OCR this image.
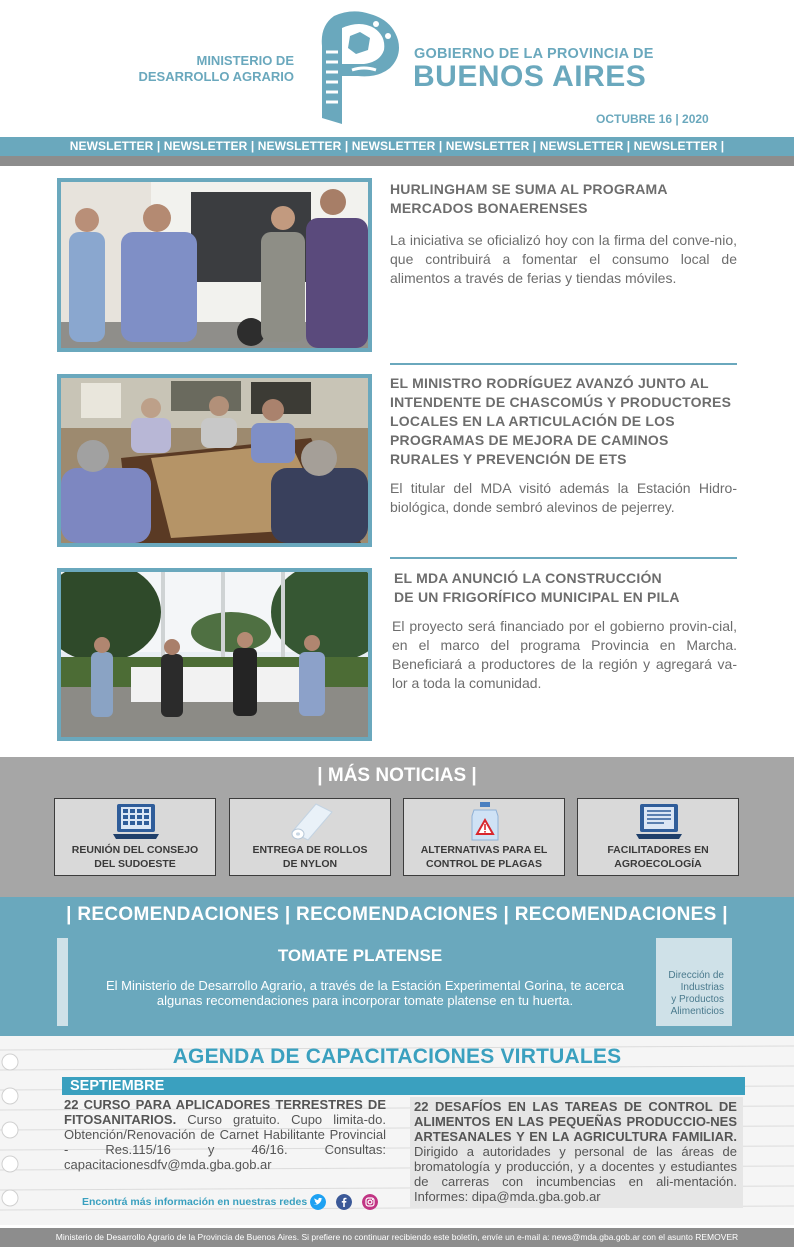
MINISTERIO DE
DESARROLLO AGRARIO
GOBIERNO DE LA PROVINCIA DE
BUENOS AIRES
OCTUBRE 16 | 2020
NEWSLETTER | NEWSLETTER | NEWSLETTER | NEWSLETTER | NEWSLETTER | NEWSLETTER | NEWSLETTER |
HURLINGHAM SE SUMA AL PROGRAMA
MERCADOS BONAERENSES
La iniciativa se oficializó hoy con la firma del conve-nio, que contribuirá a fomentar el consumo local de alimentos a través de ferias y tiendas móviles.
EL MINISTRO RODRÍGUEZ AVANZÓ JUNTO AL
INTENDENTE DE CHASCOMÚS Y PRODUCTORES
LOCALES EN LA ARTICULACIÓN DE LOS
PROGRAMAS DE MEJORA DE CAMINOS
RURALES Y PREVENCIÓN DE ETS
El titular del MDA visitó además la Estación Hidro-biológica, donde sembró alevinos de pejerrey.
EL MDA ANUNCIÓ LA CONSTRUCCIÓN
DE UN FRIGORÍFICO MUNICIPAL EN PILA
El proyecto será financiado por el gobierno provin-cial, en el marco del programa Provincia en Marcha. Beneficiará a productores de la región y agregará va-lor a toda la comunidad.
| MÁS NOTICIAS |
REUNIÓN DEL CONSEJO
DEL SUDOESTE
ENTREGA DE ROLLOS
DE NYLON
ALTERNATIVAS PARA EL
CONTROL DE PLAGAS
FACILITADORES EN
AGROECOLOGÍA
| RECOMENDACIONES | RECOMENDACIONES | RECOMENDACIONES |
TOMATE PLATENSE
El Ministerio de Desarrollo Agrario, a través de la Estación Experimental Gorina, te acerca
algunas recomendaciones para incorporar tomate platense en tu huerta.
Dirección de
Industrias
y Productos
Alimenticios
AGENDA DE CAPACITACIONES VIRTUALES
SEPTIEMBRE
22 CURSO PARA APLICADORES TERRESTRES DE FITOSANITARIOS. Curso gratuito. Cupo limita-do. Obtención/Renovación de Carnet Habilitante Provincial - Res.115/16 y 46/16. Consultas: capacitacionesdfv@mda.gba.gob.ar
22 DESAFÍOS EN LAS TAREAS DE CONTROL DE ALIMENTOS EN LAS PEQUEÑAS PRODUCCIO-NES ARTESANALES Y EN LA AGRICULTURA FAMILIAR. Dirigido a autoridades y personal de las áreas de bromatología y producción, y a docentes y estudiantes de carreras con incumbencias en ali-mentación. Informes: dipa@mda.gba.gob.ar
Encontrá más información en nuestras redes
Ministerio de Desarrollo Agrario de la Provincia de Buenos Aires. Si prefiere no continuar recibiendo este boletín, envíe un e-mail a: news@mda.gba.gob.ar con el asunto REMOVER
